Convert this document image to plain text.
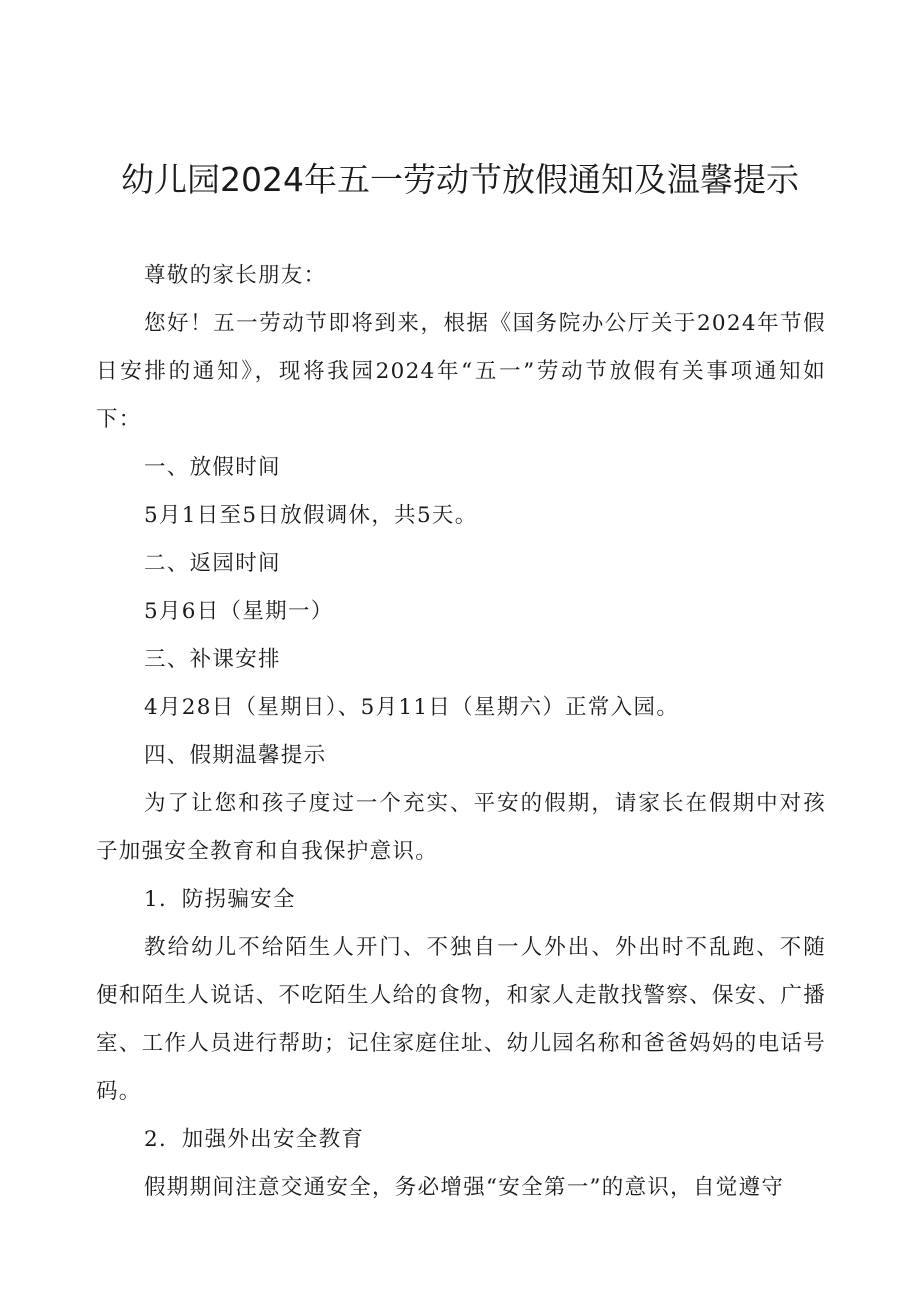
幼儿园2024年五一劳动节放假通知及温馨提示

尊敬的家长朋友：

您好！五一劳动节即将到来，根据《国务院办公厅关于2024年节假日安排的通知》，现将我园2024年“五一”劳动节放假有关事项通知如下：

一、放假时间

5月1日至5日放假调休，共5天。

二、返园时间

5月6日（星期一）

三、补课安排

4月28日（星期日）、5月11日（星期六）正常入园。

四、假期温馨提示

为了让您和孩子度过一个充实、平安的假期，请家长在假期中对孩子加强安全教育和自我保护意识。

1．防拐骗安全

教给幼儿不给陌生人开门、不独自一人外出、外出时不乱跑、不随便和陌生人说话、不吃陌生人给的食物，和家人走散找警察、保安、广播室、工作人员进行帮助；记住家庭住址、幼儿园名称和爸爸妈妈的电话号码。

2．加强外出安全教育

假期期间注意交通安全，务必增强“安全第一”的意识，自觉遵守
